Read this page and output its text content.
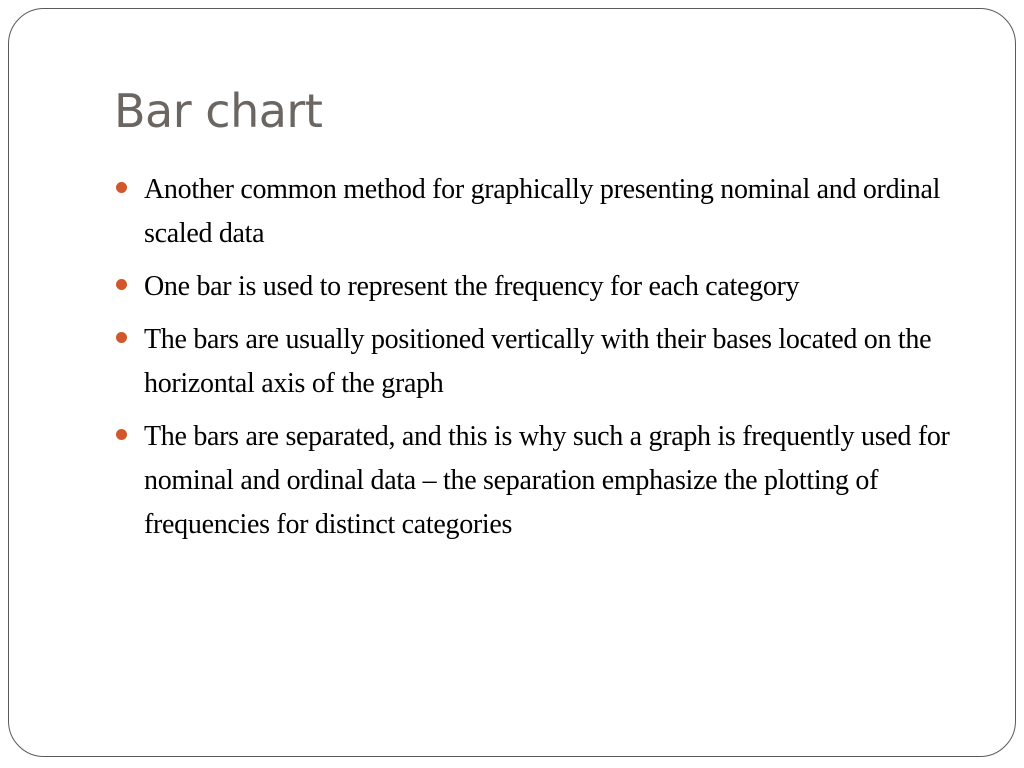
Bar chart
Another common method for graphically presenting nominal and ordinal scaled data
One bar is used to represent the frequency for each category
The bars are usually positioned vertically with their bases located on the horizontal axis of the graph
The bars are separated, and this is why such a graph is frequently used for nominal and ordinal data – the separation emphasize the plotting of frequencies for distinct categories
